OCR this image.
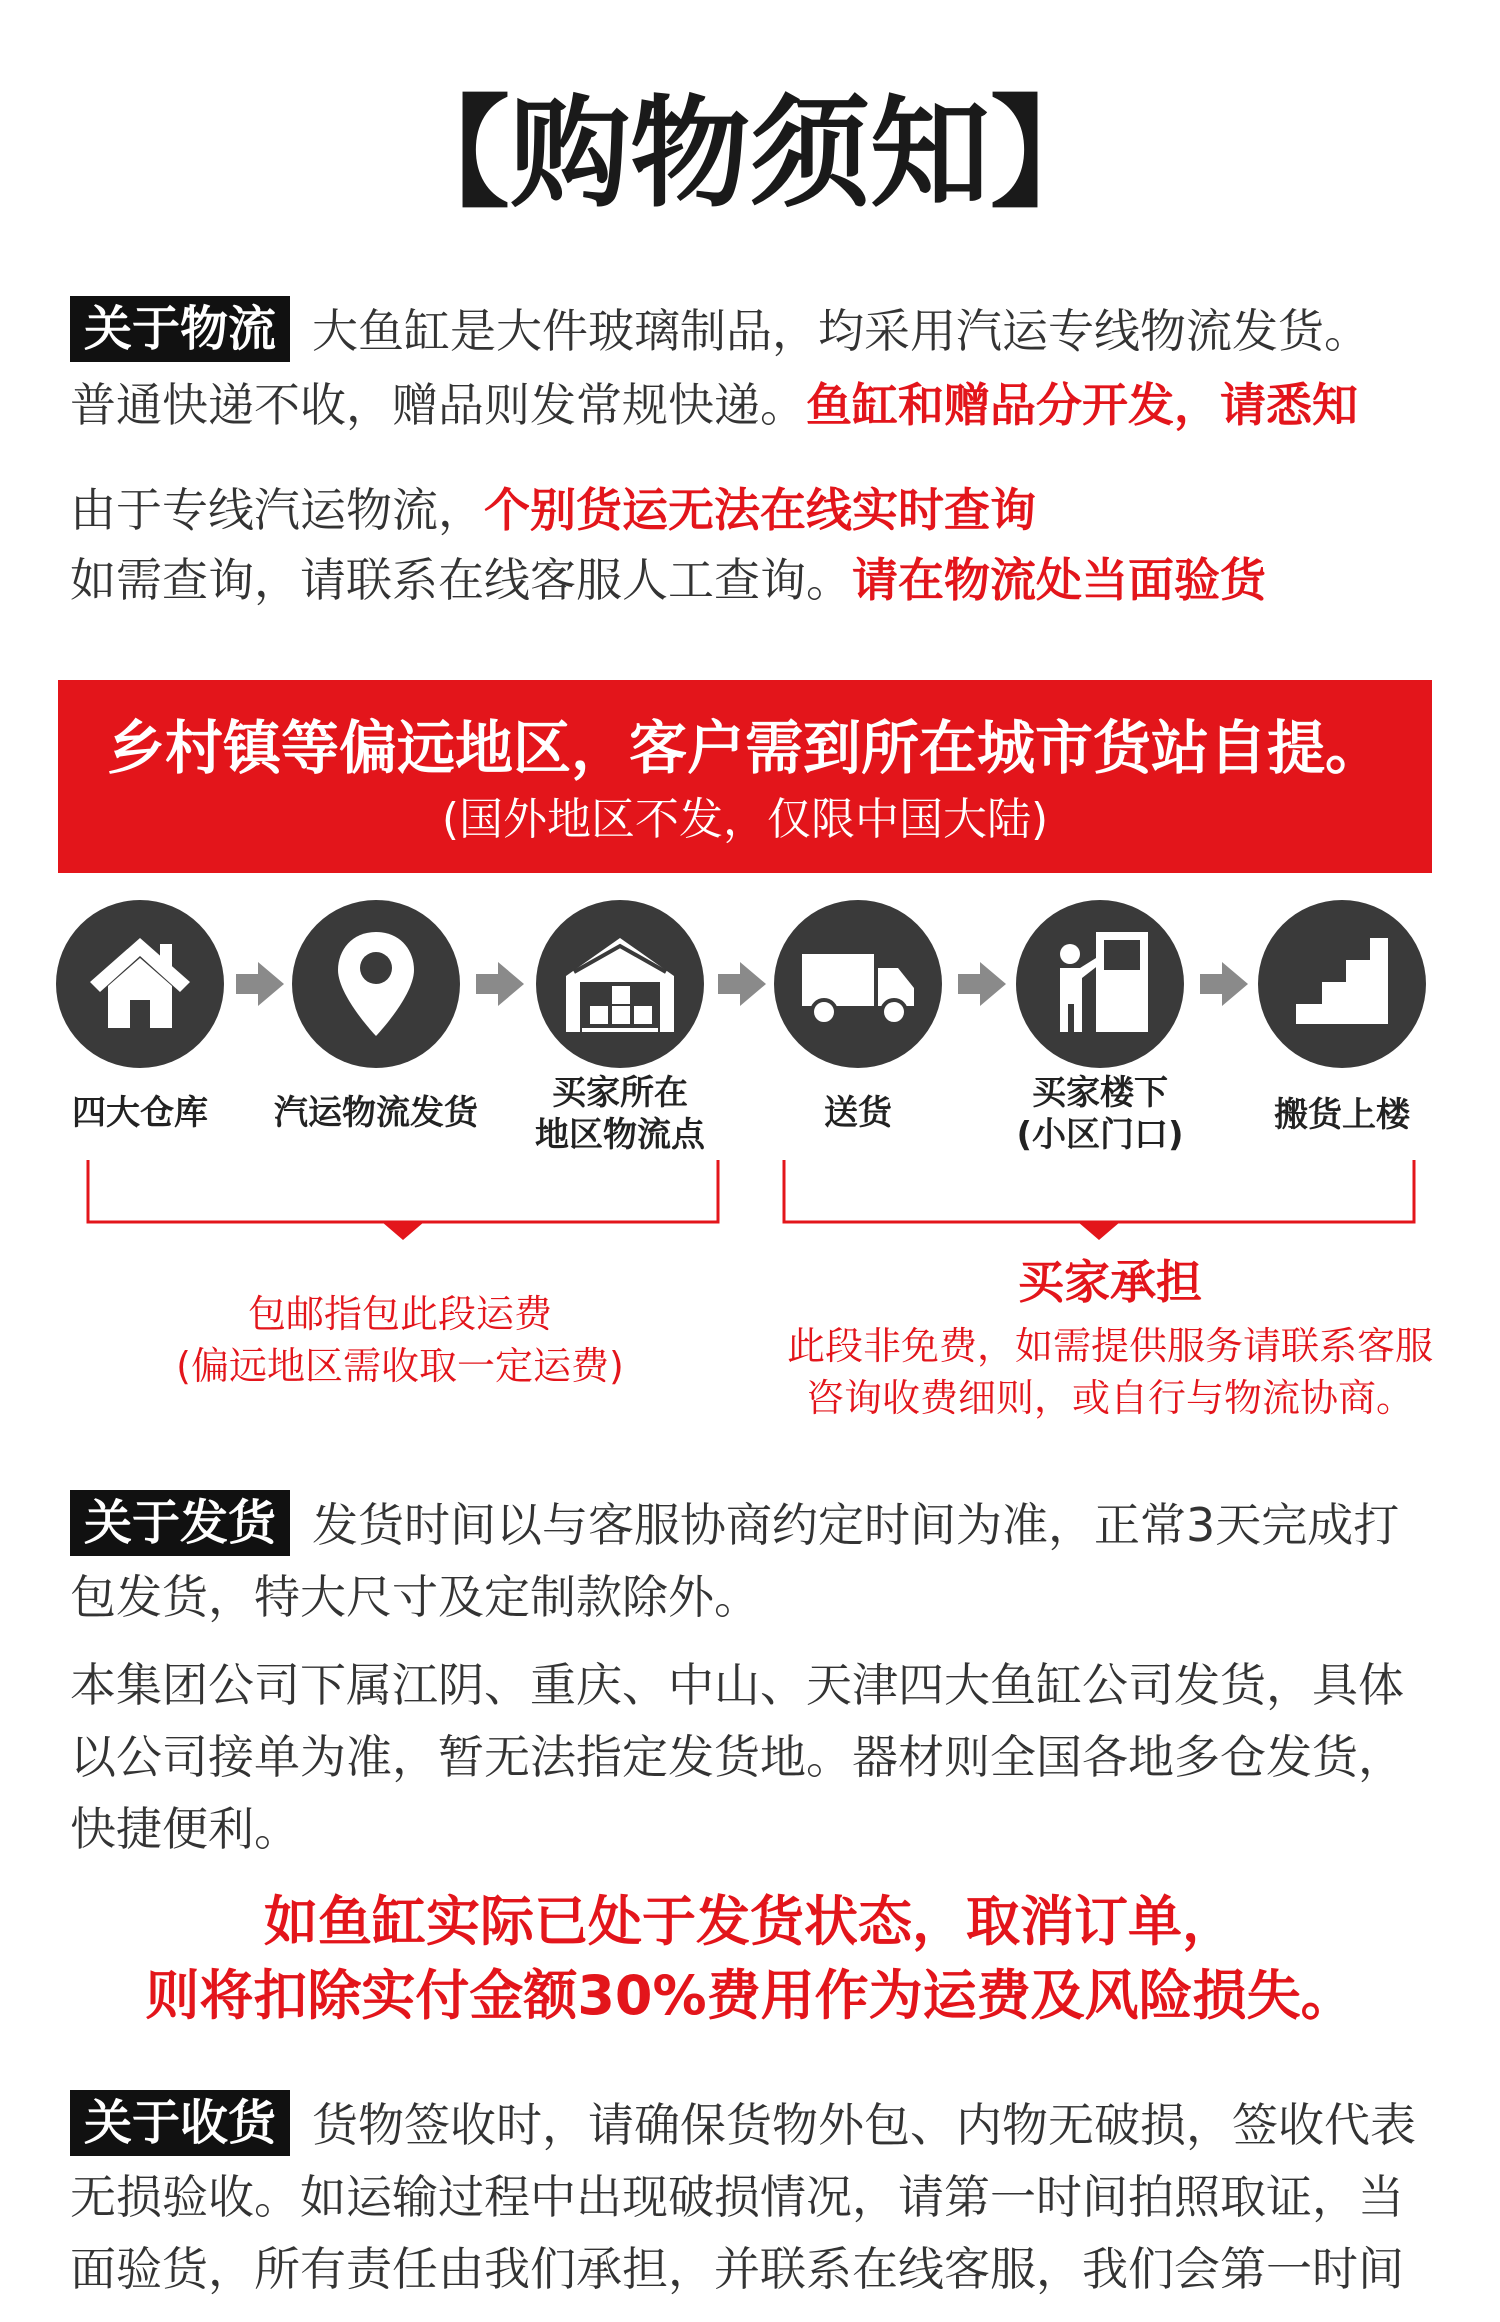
【购物须知】
关于物流 大鱼缸是大件玻璃制品，均采用汽运专线物流发货。
普通快递不收，赠品则发常规快递。鱼缸和赠品分开发，请悉知
由于专线汽运物流，个别货运无法在线实时查询
如需查询，请联系在线客服人工查询。请在物流处当面验货
乡村镇等偏远地区，客户需到所在城市货站自提。
(国外地区不发，仅限中国大陆)
四大仓库	汽运物流发货	买家所在
地区物流点
送货	买家楼下
(小区门口)	搬货上楼
包邮指包此段运费
(偏远地区需收取一定运费)
买家承担
此段非免费，如需提供服务请联系客服
咨询收费细则，或自行与物流协商。
关于发货 发货时间以与客服协商约定时间为准，正常3天完成打
包发货，特大尺寸及定制款除外。
本集团公司下属江阴、重庆、中山、天津四大鱼缸公司发货，具体
以公司接单为准，暂无法指定发货地。器材则全国各地多仓发货，
快捷便利。
如鱼缸实际已处于发货状态，取消订单，
则将扣除实付金额30%费用作为运费及风险损失。
关于收货 货物签收时，请确保货物外包、内物无破损，签收代表
无损验收。如运输过程中出现破损情况，请第一时间拍照取证，当
面验货，所有责任由我们承担，并联系在线客服，我们会第一时间
